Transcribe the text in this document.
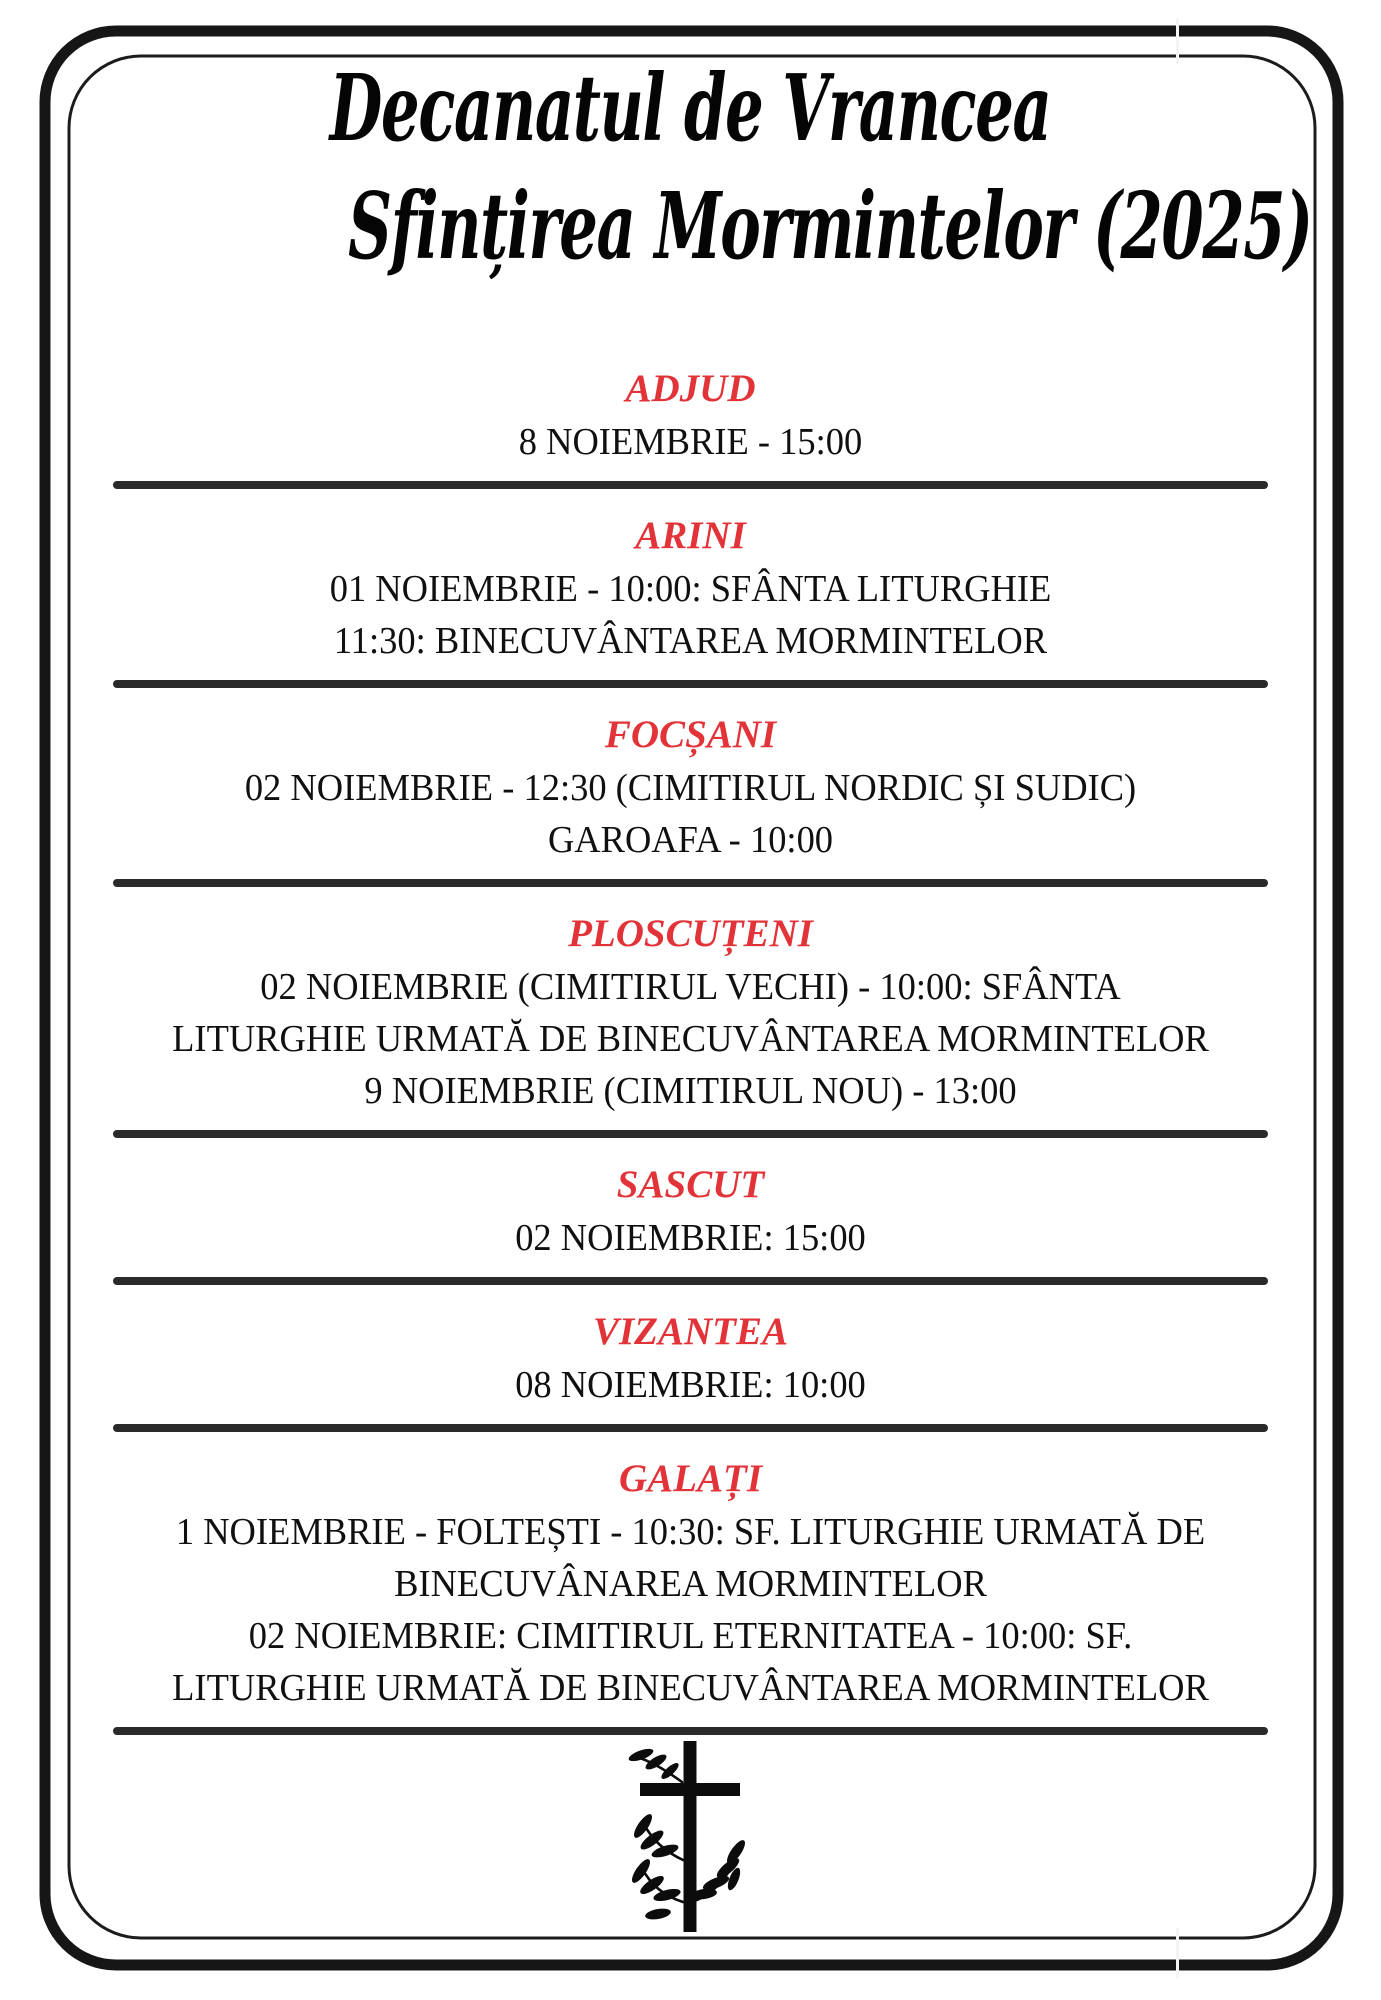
Decanatul de Vrancea
Sfințirea Mormintelor (2025)
ADJUD

8 NOIEMBRIE - 15:00

ARINI

01 NOIEMBRIE - 10:00: SFÂNTA LITURGHIE

11:30: BINECUVÂNTAREA MORMINTELOR

FOCȘANI

02 NOIEMBRIE - 12:30 (CIMITIRUL NORDIC ȘI SUDIC)

GAROAFA - 10:00

PLOSCUȚENI

02 NOIEMBRIE (CIMITIRUL VECHI) - 10:00: SFÂNTA

LITURGHIE URMATĂ DE BINECUVÂNTAREA MORMINTELOR

9 NOIEMBRIE (CIMITIRUL NOU) - 13:00

SASCUT

02 NOIEMBRIE: 15:00

VIZANTEA

08 NOIEMBRIE: 10:00

GALAȚI

1 NOIEMBRIE - FOLTEȘTI - 10:30: SF. LITURGHIE URMATĂ DE

BINECUVÂNAREA MORMINTELOR

02 NOIEMBRIE: CIMITIRUL ETERNITATEA - 10:00: SF.

LITURGHIE URMATĂ DE BINECUVÂNTAREA MORMINTELOR
